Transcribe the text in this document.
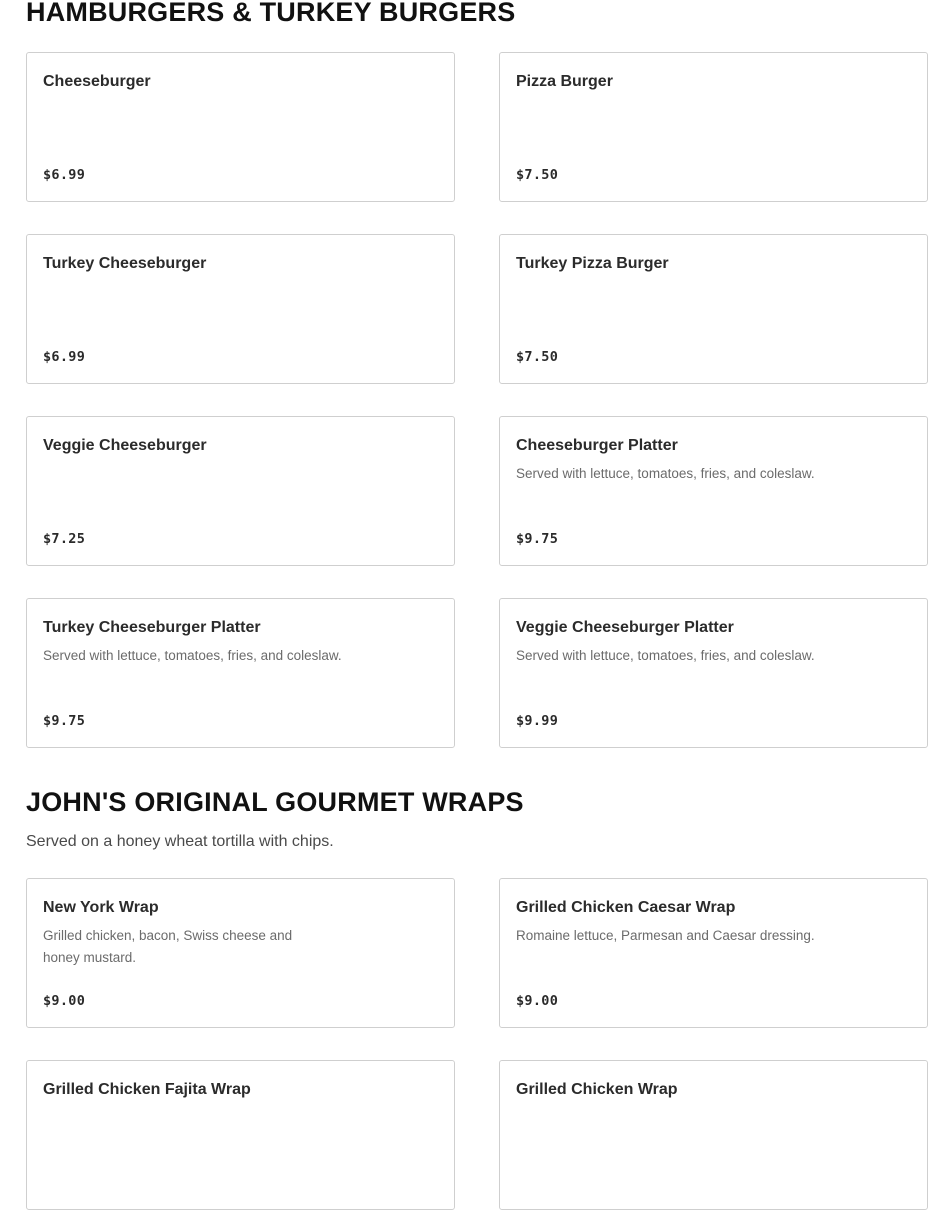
HAMBURGERS & TURKEY BURGERS
Cheeseburger
$6.99
Pizza Burger
$7.50
Turkey Cheeseburger
$6.99
Turkey Pizza Burger
$7.50
Veggie Cheeseburger
$7.25
Cheeseburger Platter
Served with lettuce, tomatoes, fries, and coleslaw.
$9.75
Turkey Cheeseburger Platter
Served with lettuce, tomatoes, fries, and coleslaw.
$9.75
Veggie Cheeseburger Platter
Served with lettuce, tomatoes, fries, and coleslaw.
$9.99
JOHN'S ORIGINAL GOURMET WRAPS

Served on a honey wheat tortilla with chips.

New York Wrap
Grilled chicken, bacon, Swiss cheese and honey mustard.
$9.00
Grilled Chicken Caesar Wrap
Romaine lettuce, Parmesan and Caesar dressing.
$9.00
Grilled Chicken Fajita Wrap	Grilled Chicken Wrap
